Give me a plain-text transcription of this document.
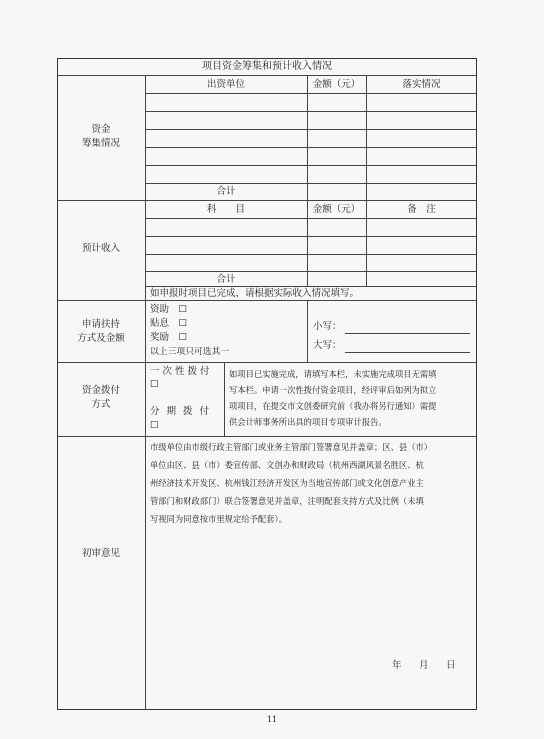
项目资金筹集和预计收入情况
资金
筹集情况
出资单位	金额（元）	落实情况
合计
预计收入
科　　目	金额（元）	备　注
合计
如申报时项目已完成，请根据实际收入情况填写。
申请扶持
方式及金额
资助　☐
贴息　☐
奖励　☐
以上三项只可选其一
小写：
大写：
资金拨付
方式
一次性拨付
☐
分 期 拨 付
☐
如项目已实施完成，请填写本栏，未实施完成项目无需填
写本栏。申请一次性拨付资金项目，经评审后如列为拟立
项项目，在提交市文创委研究前（我办将另行通知）需提
供会计师事务所出具的项目专项审计报告。
初审意见
市级单位由市级行政主管部门或业务主管部门签署意见并盖章；区、县（市）
单位由区、县（市）委宣传部、文创办和财政局（杭州西湖风景名胜区、杭
州经济技术开发区、杭州钱江经济开发区为当地宣传部门或文化创意产业主
管部门和财政部门）联合签署意见并盖章，注明配套支持方式及比例（未填
写视同为同意按市里规定给予配套）。
年　月　日
11
